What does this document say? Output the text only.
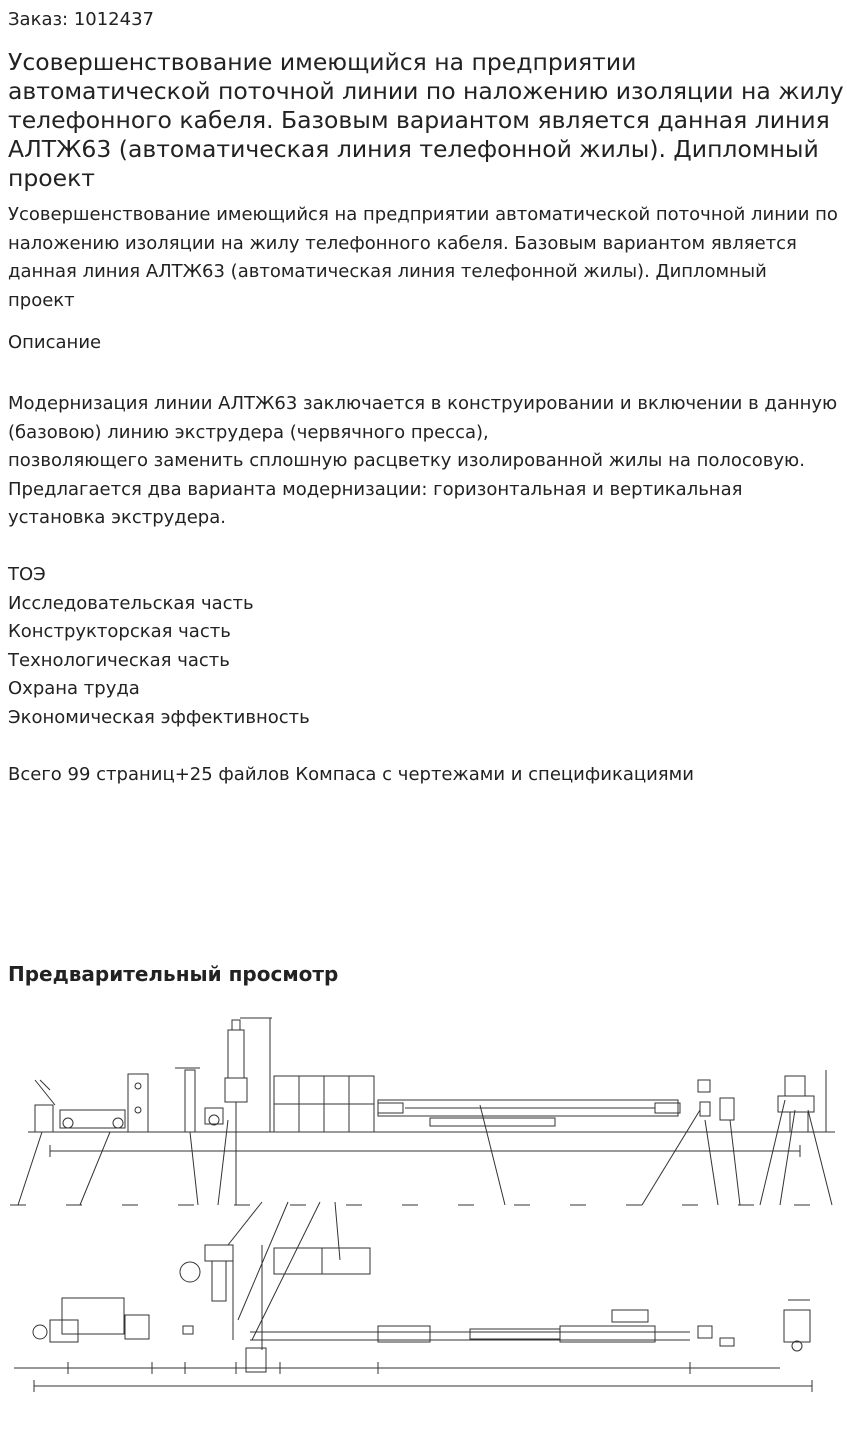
Заказ: 1012437
Усовершенствование имеющийся на предприятии автоматической поточной линии по наложению изоляции на жилу телефонного кабеля. Базовым вариантом является данная линия АЛТЖ63 (автоматическая линия телефонной жилы). Дипломный проект
Усовершенствование имеющийся на предприятии автоматической поточной линии по наложению изоляции на жилу телефонного кабеля. Базовым вариантом является данная линия АЛТЖ63 (автоматическая линия телефонной жилы). Дипломный проект
Описание

Модернизация линии АЛТЖ63 заключается в конструировании и включении в данную (базовою) линию экструдера (червячного пресса),

позволяющего заменить сплошную расцветку изолированной жилы на полосовую.

Предлагается два варианта модернизации: горизонтальная и вертикальная установка экструдера.

ТОЭ

Исследовательская часть

Конструкторская часть

Технологическая часть

Охрана труда

Экономическая эффективность

Всего 99 страниц+25 файлов Компаса с чертежами и спецификациями

Предварительный просмотр
